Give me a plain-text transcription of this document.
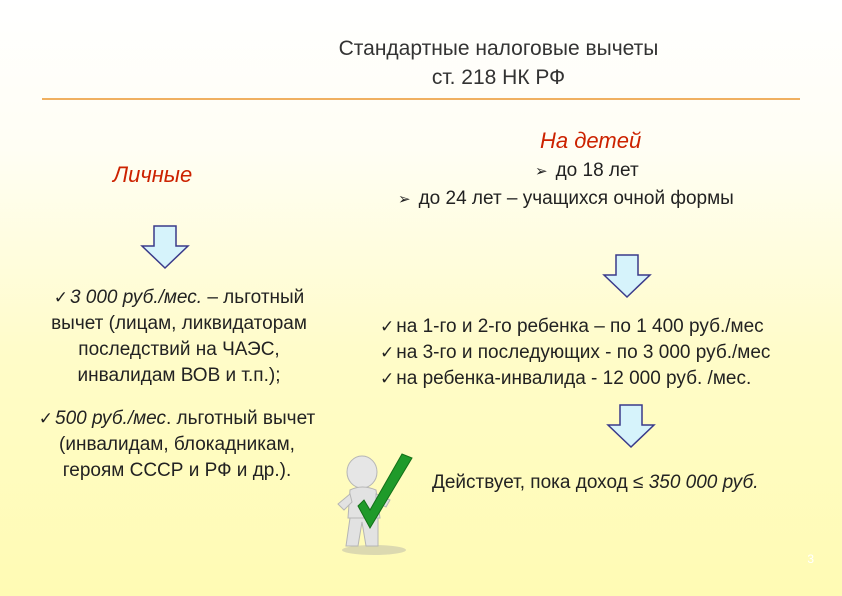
Стандартные налоговые вычеты
ст. 218 НК РФ
Личные
✓ 3 000 руб./мес. – льготный
вычет (лицам, ликвидаторам
последствий на ЧАЭС,
инвалидам ВОВ и т.п.);
✓ 500 руб./мес. льготный вычет
(инвалидам, блокадникам,
героям СССР и РФ и др.).
На детей
➢ до 18 лет
➢ до 24 лет – учащихся очной формы
✓ на 1-го и 2-го ребенка – по 1 400 руб./мес
✓ на 3-го и последующих - по 3 000 руб./мес
✓ на ребенка-инвалида - 12 000 руб. /мес.
Действует, пока доход ≤ 350 000 руб.
3
